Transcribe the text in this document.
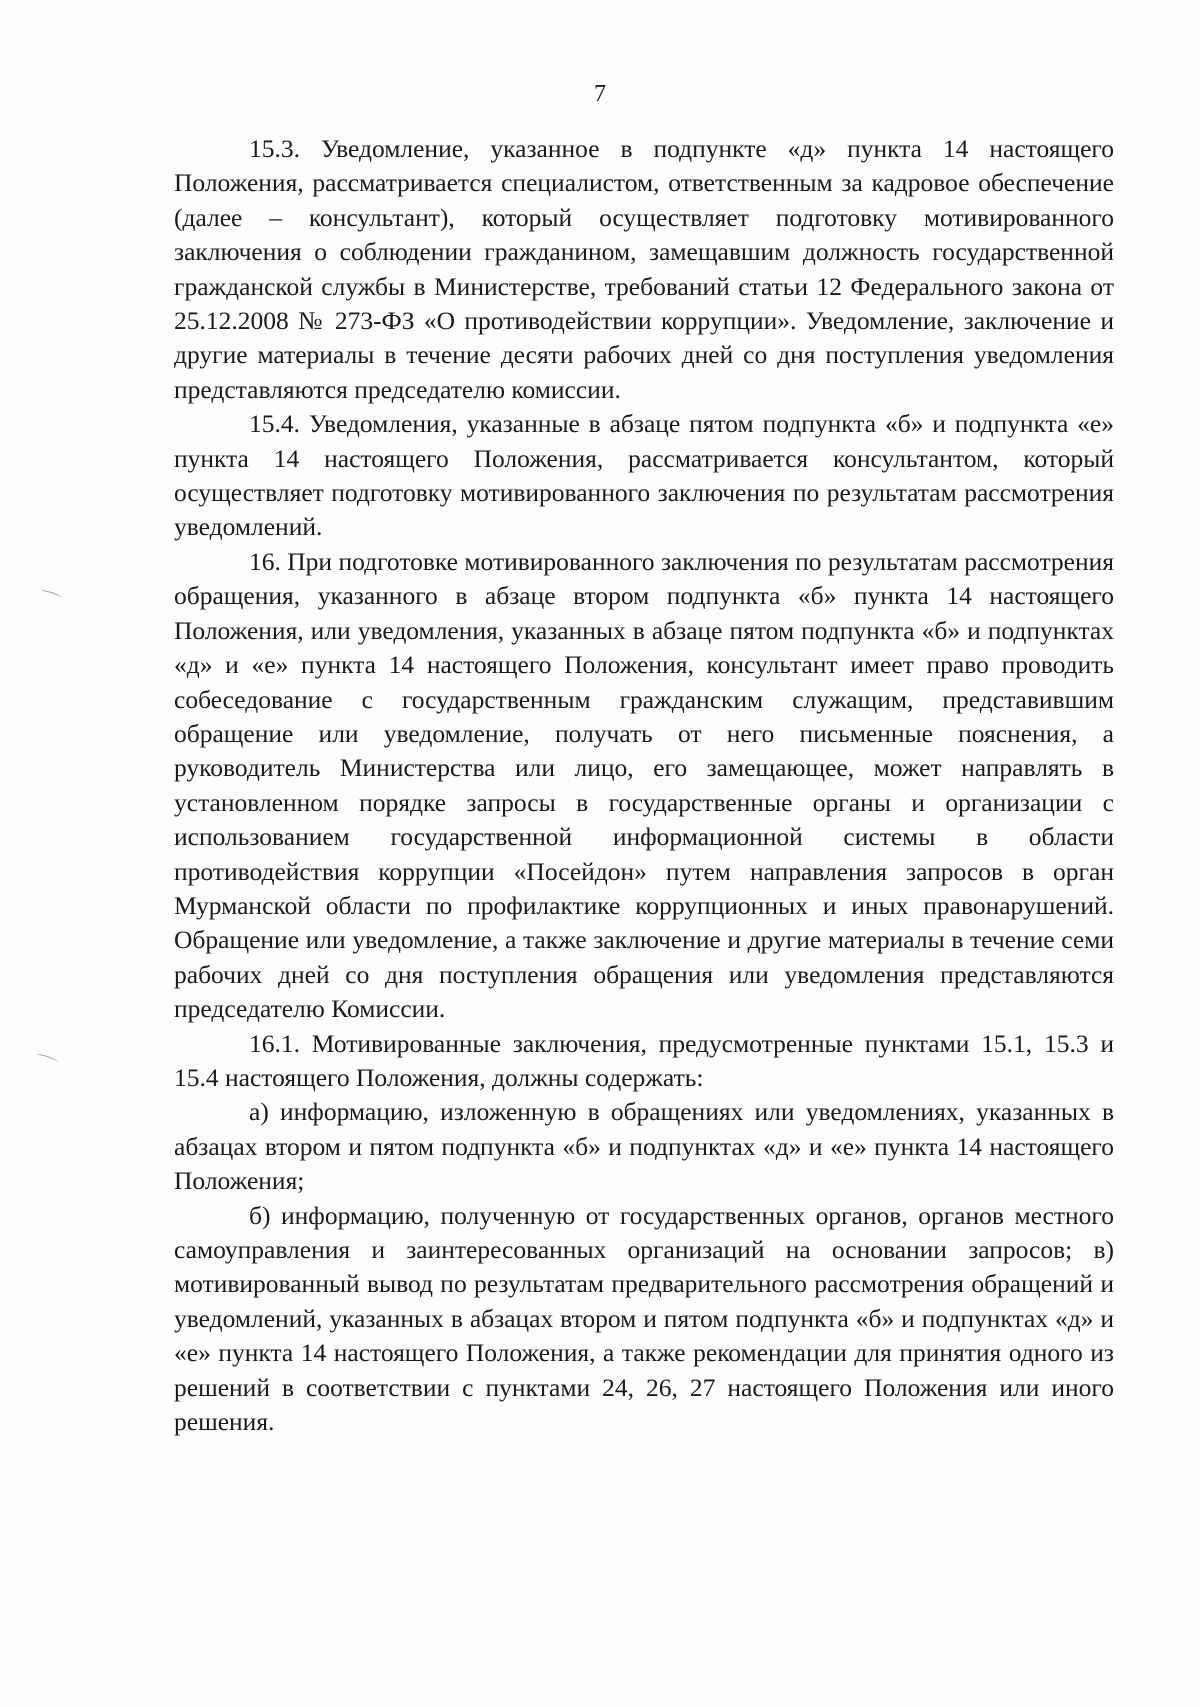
7

15.3. Уведомление, указанное в подпункте «д» пункта 14 настоящего Положения, рассматривается специалистом, ответственным за кадровое обеспечение (далее – консультант), который осуществляет подготовку мотивированного заключения о соблюдении гражданином, замещавшим должность государственной гражданской службы в Министерстве, требований статьи 12 Федерального закона от 25.12.2008 № 273-ФЗ «О противодействии коррупции». Уведомление, заключение и другие материалы в течение десяти рабочих дней со дня поступления уведомления представляются председателю комиссии.

15.4. Уведомления, указанные в абзаце пятом подпункта «б» и подпункта «е» пункта 14 настоящего Положения, рассматривается консультантом, который осуществляет подготовку мотивированного заключения по результатам рассмотрения уведомлений.

16. При подготовке мотивированного заключения по результатам рассмотрения обращения, указанного в абзаце втором подпункта «б» пункта 14 настоящего Положения, или уведомления, указанных в абзаце пятом подпункта «б» и подпунктах «д» и «е» пункта 14 настоящего Положения, консультант имеет право проводить собеседование с государственным гражданским служащим, представившим обращение или уведомление, получать от него письменные пояснения, а руководитель Министерства или лицо, его замещающее, может направлять в установленном порядке запросы в государственные органы и организации с использованием государственной информационной системы в области противодействия коррупции «Посейдон» путем направления запросов в орган Мурманской области по профилактике коррупционных и иных правонарушений. Обращение или уведомление, а также заключение и другие материалы в течение семи рабочих дней со дня поступления обращения или уведомления представляются председателю Комиссии.

16.1. Мотивированные заключения, предусмотренные пунктами 15.1, 15.3 и 15.4 настоящего Положения, должны содержать:

а) информацию, изложенную в обращениях или уведомлениях, указанных в абзацах втором и пятом подпункта «б» и подпунктах «д» и «е» пункта 14 настоящего Положения;

б) информацию, полученную от государственных органов, органов местного самоуправления и заинтересованных организаций на основании запросов; в) мотивированный вывод по результатам предварительного рассмотрения обращений и уведомлений, указанных в абзацах втором и пятом подпункта «б» и подпунктах «д» и «е» пункта 14 настоящего Положения, а также рекомендации для принятия одного из решений в соответствии с пунктами 24, 26, 27 настоящего Положения или иного решения.
